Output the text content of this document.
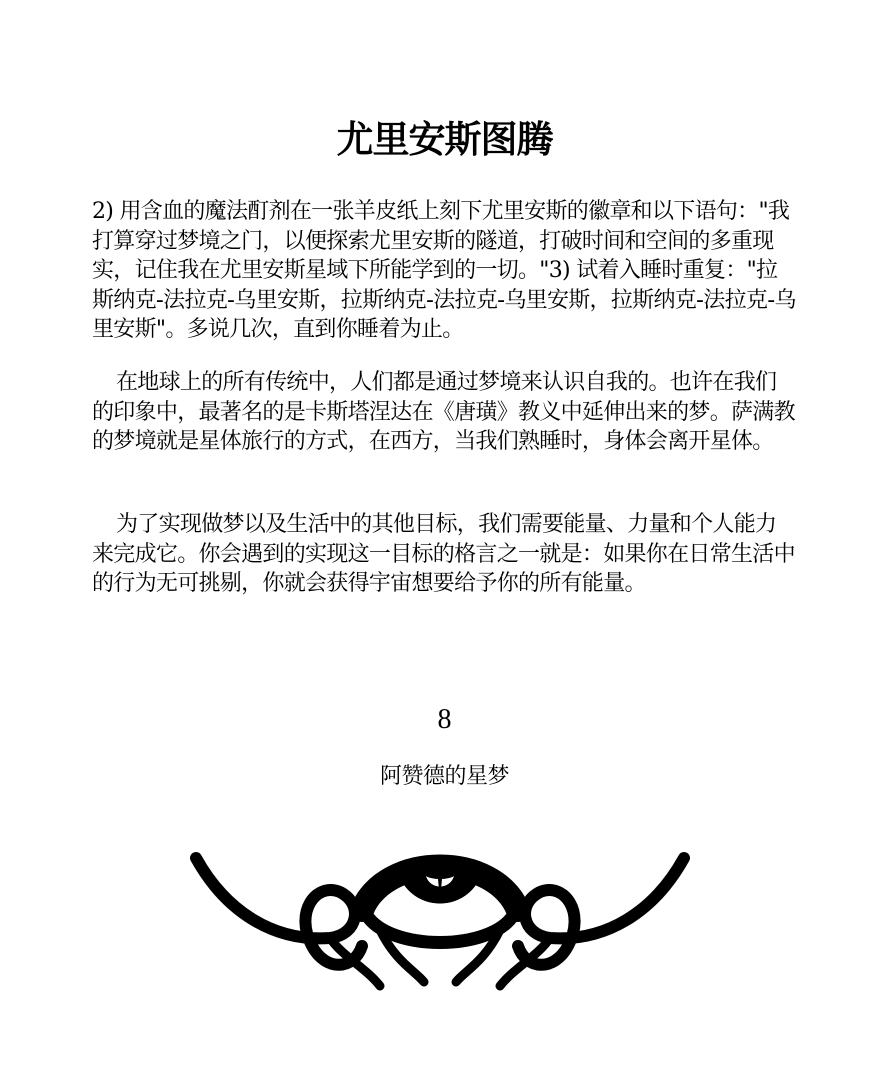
尤里安斯图腾

2) 用含血的魔法酊剂在一张羊皮纸上刻下尤里安斯的徽章和以下语句："我打算穿过梦境之门，以便探索尤里安斯的隧道，打破时间和空间的多重现实，记住我在尤里安斯星域下所能学到的一切。"3) 试着入睡时重复："拉斯纳克-法拉克-乌里安斯，拉斯纳克-法拉克-乌里安斯，拉斯纳克-法拉克-乌里安斯"。多说几次，直到你睡着为止。

在地球上的所有传统中，人们都是通过梦境来认识自我的。也许在我们的印象中，最著名的是卡斯塔涅达在《唐璜》教义中延伸出来的梦。萨满教的梦境就是星体旅行的方式，在西方，当我们熟睡时，身体会离开星体。

为了实现做梦以及生活中的其他目标，我们需要能量、力量和个人能力来完成它。你会遇到的实现这一目标的格言之一就是：如果你在日常生活中的行为无可挑剔，你就会获得宇宙想要给予你的所有能量。

8
阿赞德的星梦
